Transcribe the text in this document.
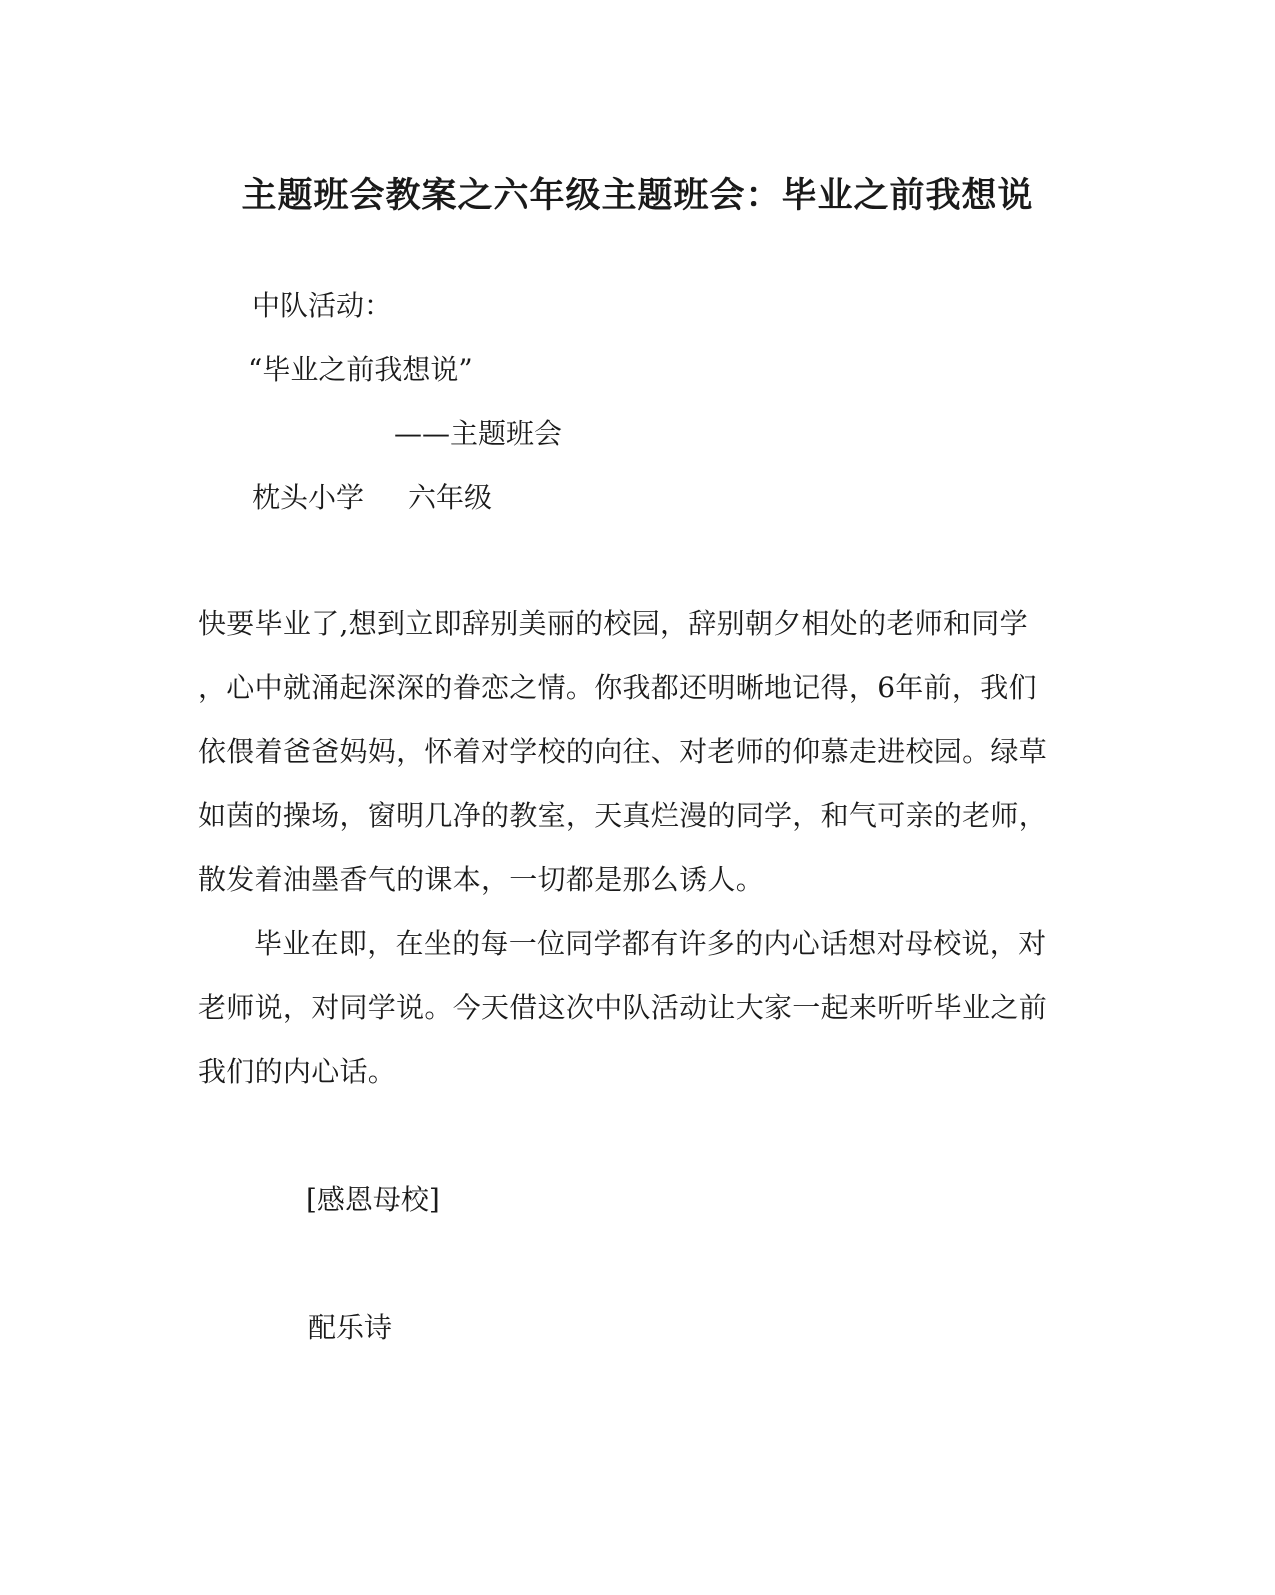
主题班会教案之六年级主题班会：毕业之前我想说
中队活动：
“毕业之前我想说”
——主题班会
枕头小学 六年级
快要毕业了,想到立即辞别美丽的校园，辞别朝夕相处的老师和同学
，心中就涌起深深的眷恋之情。你我都还明晰地记得，6年前，我们
依偎着爸爸妈妈，怀着对学校的向往、对老师的仰慕走进校园。绿草
如茵的操场，窗明几净的教室，天真烂漫的同学，和气可亲的老师，
散发着油墨香气的课本，一切都是那么诱人。
毕业在即，在坐的每一位同学都有许多的内心话想对母校说，对
老师说，对同学说。今天借这次中队活动让大家一起来听听毕业之前
我们的内心话。
[感恩母校]
配乐诗
